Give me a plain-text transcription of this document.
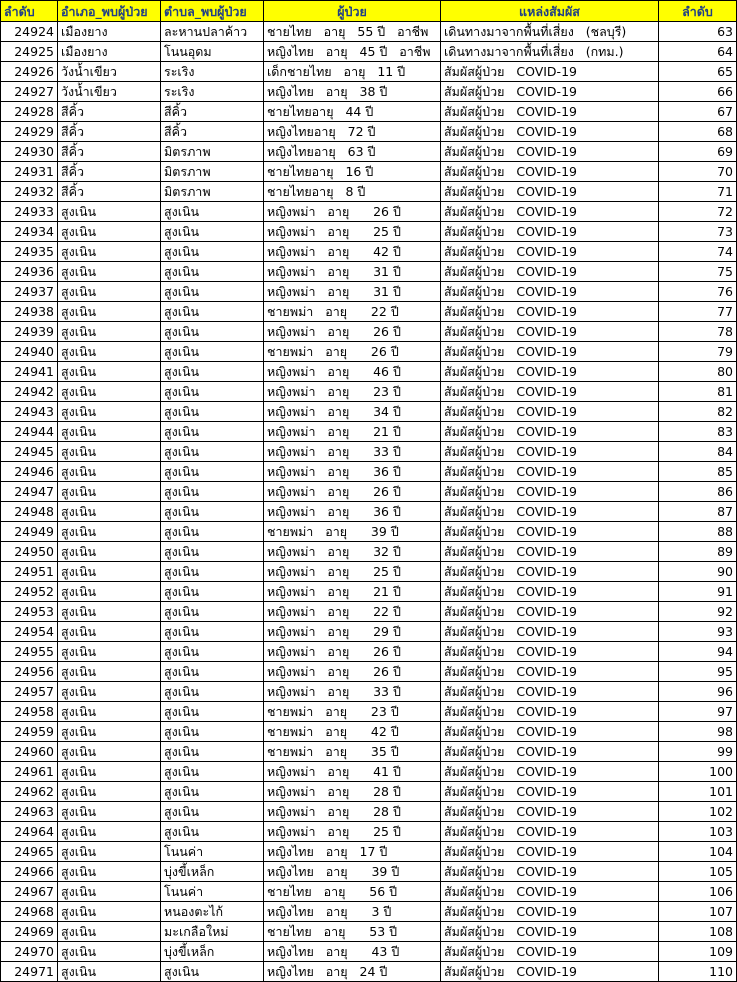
ลำดับ	อำเภอ_พบผู้ป่วย	ตำบล_พบผู้ป่วย	ผู้ป่วย	แหล่งสัมผัส	ลำดับ
24924	เมืองยาง	ละหานปลาค้าว	ชายไทย   อายุ   55 ปี   อาชีพ	เดินทางมาจากพื้นที่เสี่ยง   (ชลบุรี)	63
24925	เมืองยาง	โนนอุดม	หญิงไทย   อายุ   45 ปี   อาชีพ	เดินทางมาจากพื้นที่เสี่ยง   (กทม.)	64
24926	วังน้ำเขียว	ระเริง	เด็กชายไทย   อายุ   11 ปี	สัมผัสผู้ป่วย   COVID-19	65
24927	วังน้ำเขียว	ระเริง	หญิงไทย   อายุ   38 ปี	สัมผัสผู้ป่วย   COVID-19	66
24928	สีคิ้ว	สีคิ้ว	ชายไทยอายุ   44 ปี	สัมผัสผู้ป่วย   COVID-19	67
24929	สีคิ้ว	สีคิ้ว	หญิงไทยอายุ   72 ปี	สัมผัสผู้ป่วย   COVID-19	68
24930	สีคิ้ว	มิตรภาพ	หญิงไทยอายุ   63 ปี	สัมผัสผู้ป่วย   COVID-19	69
24931	สีคิ้ว	มิตรภาพ	ชายไทยอายุ   16 ปี	สัมผัสผู้ป่วย   COVID-19	70
24932	สีคิ้ว	มิตรภาพ	ชายไทยอายุ   8 ปี	สัมผัสผู้ป่วย   COVID-19	71
24933	สูงเนิน	สูงเนิน	หญิงพม่า   อายุ      26 ปี	สัมผัสผู้ป่วย   COVID-19	72
24934	สูงเนิน	สูงเนิน	หญิงพม่า   อายุ      25 ปี	สัมผัสผู้ป่วย   COVID-19	73
24935	สูงเนิน	สูงเนิน	หญิงพม่า   อายุ      42 ปี	สัมผัสผู้ป่วย   COVID-19	74
24936	สูงเนิน	สูงเนิน	หญิงพม่า   อายุ      31 ปี	สัมผัสผู้ป่วย   COVID-19	75
24937	สูงเนิน	สูงเนิน	หญิงพม่า   อายุ      31 ปี	สัมผัสผู้ป่วย   COVID-19	76
24938	สูงเนิน	สูงเนิน	ชายพม่า   อายุ      22 ปี	สัมผัสผู้ป่วย   COVID-19	77
24939	สูงเนิน	สูงเนิน	หญิงพม่า   อายุ      26 ปี	สัมผัสผู้ป่วย   COVID-19	78
24940	สูงเนิน	สูงเนิน	ชายพม่า   อายุ      26 ปี	สัมผัสผู้ป่วย   COVID-19	79
24941	สูงเนิน	สูงเนิน	หญิงพม่า   อายุ      46 ปี	สัมผัสผู้ป่วย   COVID-19	80
24942	สูงเนิน	สูงเนิน	หญิงพม่า   อายุ      23 ปี	สัมผัสผู้ป่วย   COVID-19	81
24943	สูงเนิน	สูงเนิน	หญิงพม่า   อายุ      34 ปี	สัมผัสผู้ป่วย   COVID-19	82
24944	สูงเนิน	สูงเนิน	หญิงพม่า   อายุ      21 ปี	สัมผัสผู้ป่วย   COVID-19	83
24945	สูงเนิน	สูงเนิน	หญิงพม่า   อายุ      33 ปี	สัมผัสผู้ป่วย   COVID-19	84
24946	สูงเนิน	สูงเนิน	หญิงพม่า   อายุ      36 ปี	สัมผัสผู้ป่วย   COVID-19	85
24947	สูงเนิน	สูงเนิน	หญิงพม่า   อายุ      26 ปี	สัมผัสผู้ป่วย   COVID-19	86
24948	สูงเนิน	สูงเนิน	หญิงพม่า   อายุ      36 ปี	สัมผัสผู้ป่วย   COVID-19	87
24949	สูงเนิน	สูงเนิน	ชายพม่า   อายุ      39 ปี	สัมผัสผู้ป่วย   COVID-19	88
24950	สูงเนิน	สูงเนิน	หญิงพม่า   อายุ      32 ปี	สัมผัสผู้ป่วย   COVID-19	89
24951	สูงเนิน	สูงเนิน	หญิงพม่า   อายุ      25 ปี	สัมผัสผู้ป่วย   COVID-19	90
24952	สูงเนิน	สูงเนิน	หญิงพม่า   อายุ      21 ปี	สัมผัสผู้ป่วย   COVID-19	91
24953	สูงเนิน	สูงเนิน	หญิงพม่า   อายุ      22 ปี	สัมผัสผู้ป่วย   COVID-19	92
24954	สูงเนิน	สูงเนิน	หญิงพม่า   อายุ      29 ปี	สัมผัสผู้ป่วย   COVID-19	93
24955	สูงเนิน	สูงเนิน	หญิงพม่า   อายุ      26 ปี	สัมผัสผู้ป่วย   COVID-19	94
24956	สูงเนิน	สูงเนิน	หญิงพม่า   อายุ      26 ปี	สัมผัสผู้ป่วย   COVID-19	95
24957	สูงเนิน	สูงเนิน	หญิงพม่า   อายุ      33 ปี	สัมผัสผู้ป่วย   COVID-19	96
24958	สูงเนิน	สูงเนิน	ชายพม่า   อายุ      23 ปี	สัมผัสผู้ป่วย   COVID-19	97
24959	สูงเนิน	สูงเนิน	ชายพม่า   อายุ      42 ปี	สัมผัสผู้ป่วย   COVID-19	98
24960	สูงเนิน	สูงเนิน	ชายพม่า   อายุ      35 ปี	สัมผัสผู้ป่วย   COVID-19	99
24961	สูงเนิน	สูงเนิน	หญิงพม่า   อายุ      41 ปี	สัมผัสผู้ป่วย   COVID-19	100
24962	สูงเนิน	สูงเนิน	หญิงพม่า   อายุ      28 ปี	สัมผัสผู้ป่วย   COVID-19	101
24963	สูงเนิน	สูงเนิน	หญิงพม่า   อายุ      28 ปี	สัมผัสผู้ป่วย   COVID-19	102
24964	สูงเนิน	สูงเนิน	หญิงพม่า   อายุ      25 ปี	สัมผัสผู้ป่วย   COVID-19	103
24965	สูงเนิน	โนนค่า	หญิงไทย   อายุ   17 ปี	สัมผัสผู้ป่วย   COVID-19	104
24966	สูงเนิน	บุ่งขี้เหล็ก	หญิงไทย   อายุ      39 ปี	สัมผัสผู้ป่วย   COVID-19	105
24967	สูงเนิน	โนนค่า	ชายไทย   อายุ      56 ปี	สัมผัสผู้ป่วย   COVID-19	106
24968	สูงเนิน	หนองตะไก้	หญิงไทย   อายุ      3 ปี	สัมผัสผู้ป่วย   COVID-19	107
24969	สูงเนิน	มะเกลือใหม่	ชายไทย   อายุ      53 ปี	สัมผัสผู้ป่วย   COVID-19	108
24970	สูงเนิน	บุ่งขี้เหล็ก	หญิงไทย   อายุ      43 ปี	สัมผัสผู้ป่วย   COVID-19	109
24971	สูงเนิน	สูงเนิน	หญิงไทย   อายุ   24 ปี	สัมผัสผู้ป่วย   COVID-19	110
